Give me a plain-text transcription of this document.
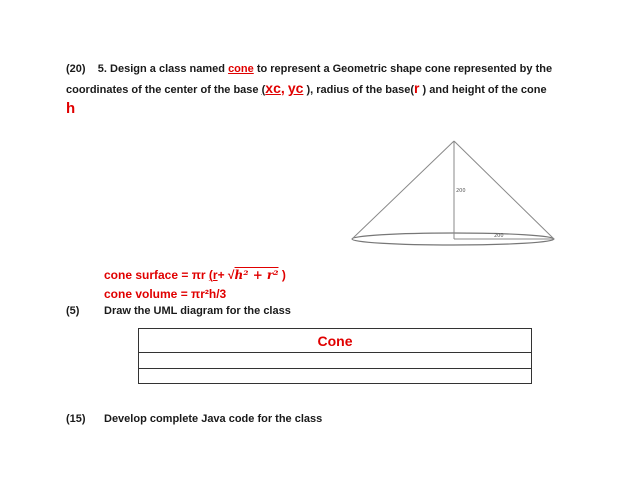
(20) 5. Design a class named cone to represent a Geometric shape cone represented by the
coordinates of the center of the base (xc, yc ), radius of the base(r ) and height of the cone
h
200
200
cone surface = πr (r+ √h² + r² )
cone volume = πr²h/3
(5) Draw the UML diagram for the class
Cone
(15) Develop complete Java code for the class
